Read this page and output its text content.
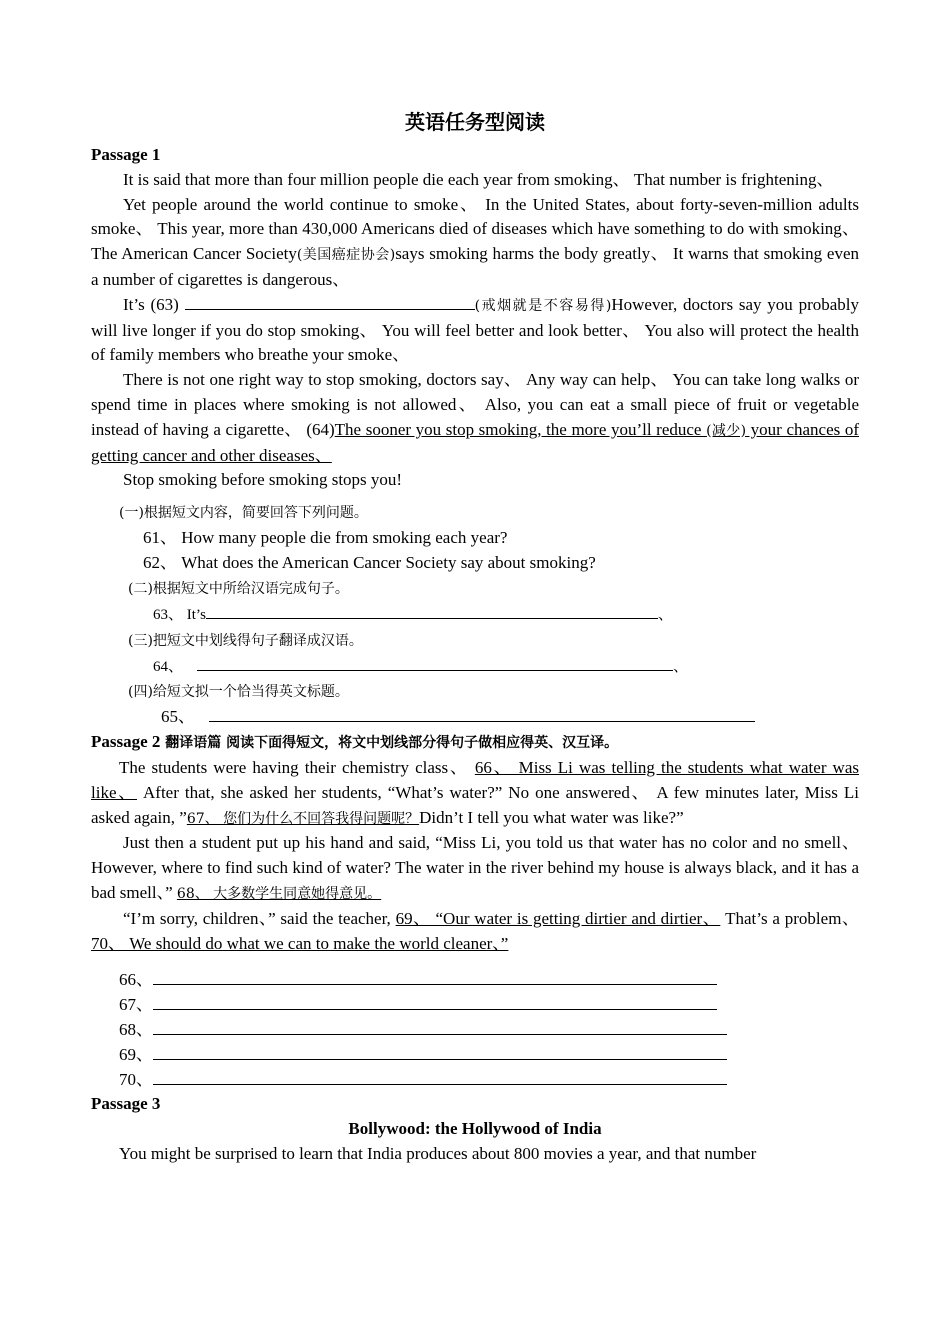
英语任务型阅读
Passage 1

It is said that more than four million people die each year from smoking、 That number is frightening、

Yet people around the world continue to smoke、 In the United States, about forty-seven-million adults smoke、 This year, more than 430,000 Americans died of diseases which have something to do with smoking、 The American Cancer Society(美国癌症协会)says smoking harms the body greatly、 It warns that smoking even a number of cigarettes is dangerous、

It’s (63)	(戒烟就是不容易得)However, doctors say you probably will live longer if you do stop smoking、 You will feel better and look better、 You also will protect the health of family members who breathe your smoke、

There is not one right way to stop smoking, doctors say、 Any way can help、 You can take long walks or spend time in places where smoking is not allowed、 Also, you can eat a small piece of fruit or vegetable instead of having a cigarette、 (64)The sooner you stop smoking, the more you’ll reduce (减少) your chances of getting cancer and other diseases、

Stop smoking before smoking stops you!

(一)根据短文内容，简要回答下列问题。
61、 How many people die from smoking each year?
62、 What does the American Cancer Society say about smoking?
(二)根据短文中所给汉语完成句子。
63、 It’s	、
(三)把短文中划线得句子翻译成汉语。
64、	、
(四)给短文拟一个恰当得英文标题。
65、
Passage 2 翻译语篇 阅读下面得短文，将文中划线部分得句子做相应得英、汉互译。

The students were having their chemistry class、 66、 Miss Li was telling the students what water was like、 After that, she asked her students, “What’s water?” No one answered、 A few minutes later, Miss Li asked again, ”67、 您们为什么不回答我得问题呢？Didn’t I tell you what water was like?”

Just then a student put up his hand and said, “Miss Li, you told us that water has no color and no smell、 However, where to find such kind of water? The water in the river behind my house is always black, and it has a bad smell、” 68、 大多数学生同意她得意见。

“I’m sorry, children、” said the teacher, 69、 “Our water is getting dirtier and dirtier、 That’s a problem、 70、 We should do what we can to make the world cleaner、”

66、
67、
68、
69、
70、
Passage 3
Bollywood: the Hollywood of India

You might be surprised to learn that India produces about 800 movies a year, and that number
